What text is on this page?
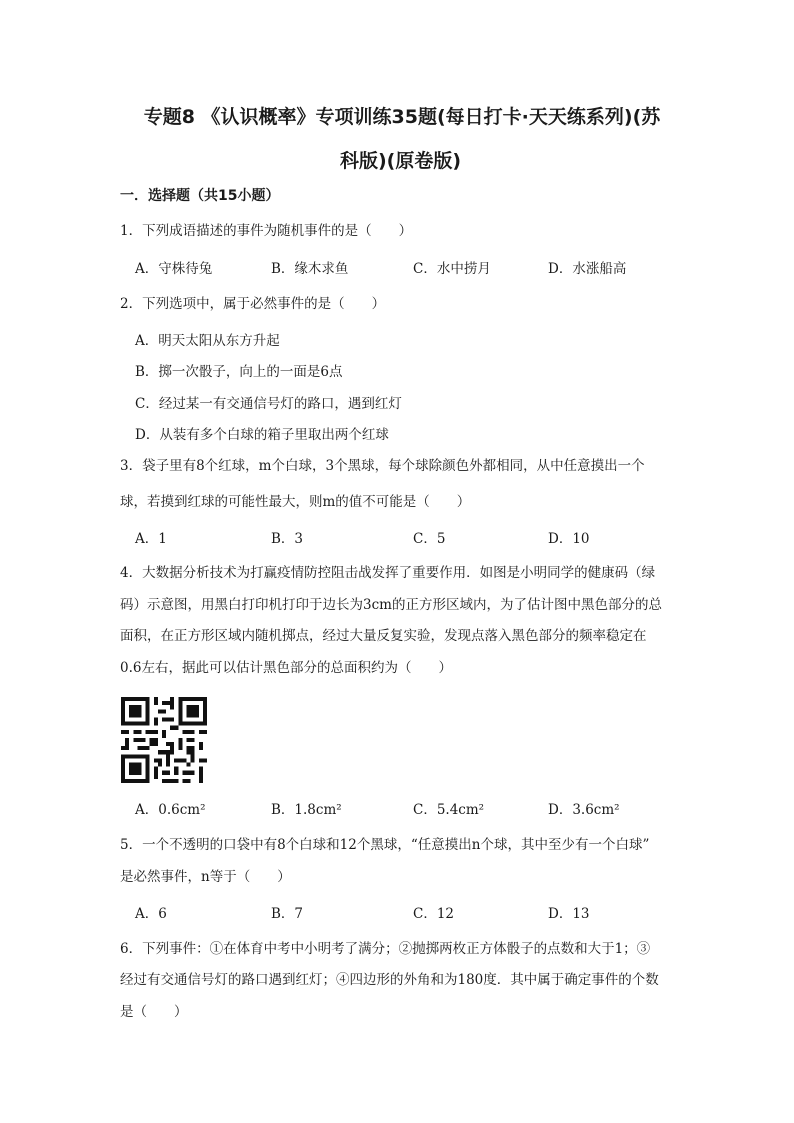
专题8 《认识概率》专项训练35题(每日打卡·天天练系列)(苏
科版)(原卷版)
一．选择题（共15小题）
1．下列成语描述的事件为随机事件的是（　　）
A．守株待兔	B．缘木求鱼	C．水中捞月	D．水涨船高
2．下列选项中，属于必然事件的是（　　）
A．明天太阳从东方升起
B．掷一次骰子，向上的一面是6点
C．经过某一有交通信号灯的路口，遇到红灯
D．从装有多个白球的箱子里取出两个红球
3．袋子里有8个红球，m个白球，3个黑球，每个球除颜色外都相同，从中任意摸出一个
球，若摸到红球的可能性最大，则m的值不可能是（　　）
A．1	B．3	C．5	D．10
4．大数据分析技术为打赢疫情防控阻击战发挥了重要作用．如图是小明同学的健康码（绿
码）示意图，用黑白打印机打印于边长为3cm的正方形区域内，为了估计图中黑色部分的总
面积，在正方形区域内随机掷点，经过大量反复实验，发现点落入黑色部分的频率稳定在
0.6左右，据此可以估计黑色部分的总面积约为（　　）
A．0.6cm²	B．1.8cm²	C．5.4cm²	D．3.6cm²
5．一个不透明的口袋中有8个白球和12个黑球，“任意摸出n个球，其中至少有一个白球”
是必然事件，n等于（　　）
A．6	B．7	C．12	D．13
6．下列事件：①在体育中考中小明考了满分；②抛掷两枚正方体骰子的点数和大于1；③
经过有交通信号灯的路口遇到红灯；④四边形的外角和为180度．其中属于确定事件的个数
是（　　）
